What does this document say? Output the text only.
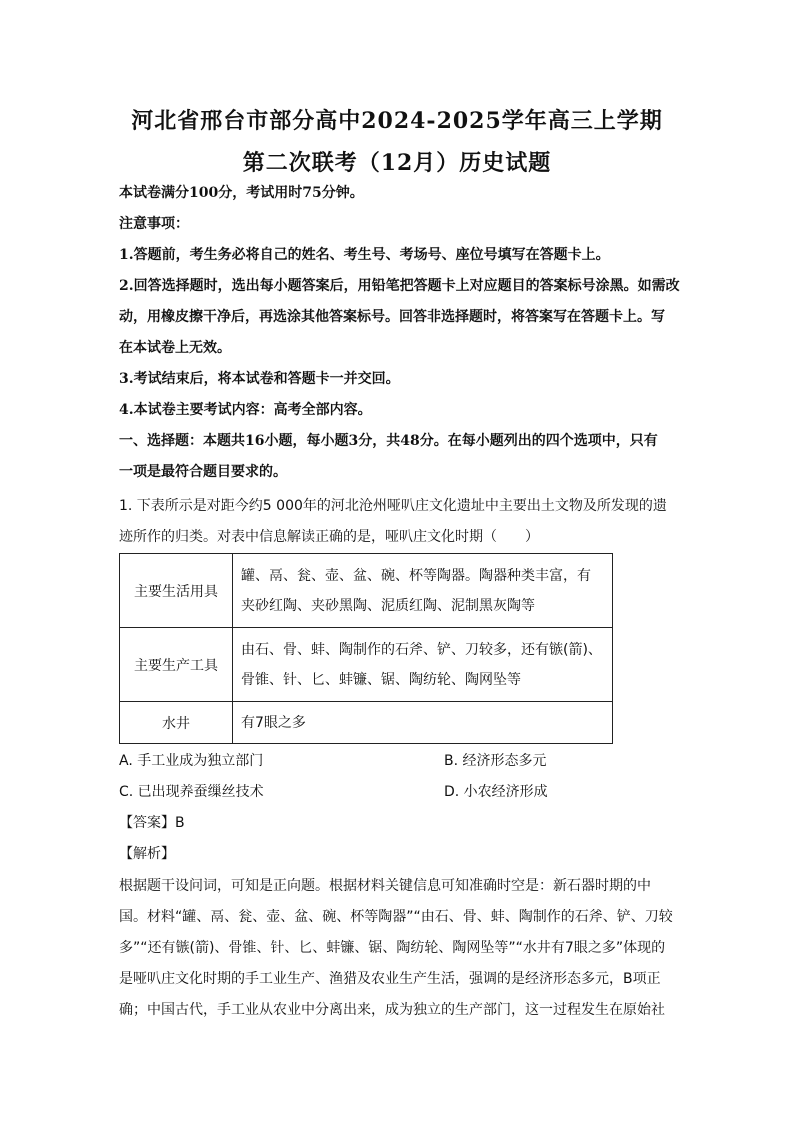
河北省邢台市部分高中2024-2025学年高三上学期
第二次联考（12月）历史试题
本试卷满分100分，考试用时75分钟。
注意事项：
1.答题前，考生务必将自己的姓名、考生号、考场号、座位号填写在答题卡上。
2.回答选择题时，选出每小题答案后，用铅笔把答题卡上对应题目的答案标号涂黑。如需改
动，用橡皮擦干净后，再选涂其他答案标号。回答非选择题时，将答案写在答题卡上。写
在本试卷上无效。
3.考试结束后，将本试卷和答题卡一并交回。
4.本试卷主要考试内容：高考全部内容。
一、选择题：本题共16小题，每小题3分，共48分。在每小题列出的四个选项中，只有
一项是最符合题目要求的。
1. 下表所示是对距今约5 000年的河北沧州哑叭庄文化遗址中主要出土文物及所发现的遗
迹所作的归类。对表中信息解读正确的是，哑叭庄文化时期（　　）
主要生活用具	罐、鬲、瓮、壶、盆、碗、杯等陶器。陶器种类丰富，有夹砂红陶、夹砂黑陶、泥质红陶、泥制黑灰陶等
主要生产工具	由石、骨、蚌、陶制作的石斧、铲、刀较多，还有镞(箭)、骨锥、针、匕、蚌镰、锯、陶纺轮、陶网坠等
水井	有7眼之多
A. 手工业成为独立部门	B. 经济形态多元
C. 已出现养蚕缫丝技术	D. 小农经济形成
【答案】B
【解析】
根据题干设问词，可知是正向题。根据材料关键信息可知准确时空是：新石器时期的中
国。材料“罐、鬲、瓮、壶、盆、碗、杯等陶器”“由石、骨、蚌、陶制作的石斧、铲、刀较
多”“还有镞(箭)、骨锥、针、匕、蚌镰、锯、陶纺轮、陶网坠等”“水井有7眼之多”体现的
是哑叭庄文化时期的手工业生产、渔猎及农业生产生活，强调的是经济形态多元，B项正
确；中国古代，手工业从农业中分离出来，成为独立的生产部门，这一过程发生在原始社
